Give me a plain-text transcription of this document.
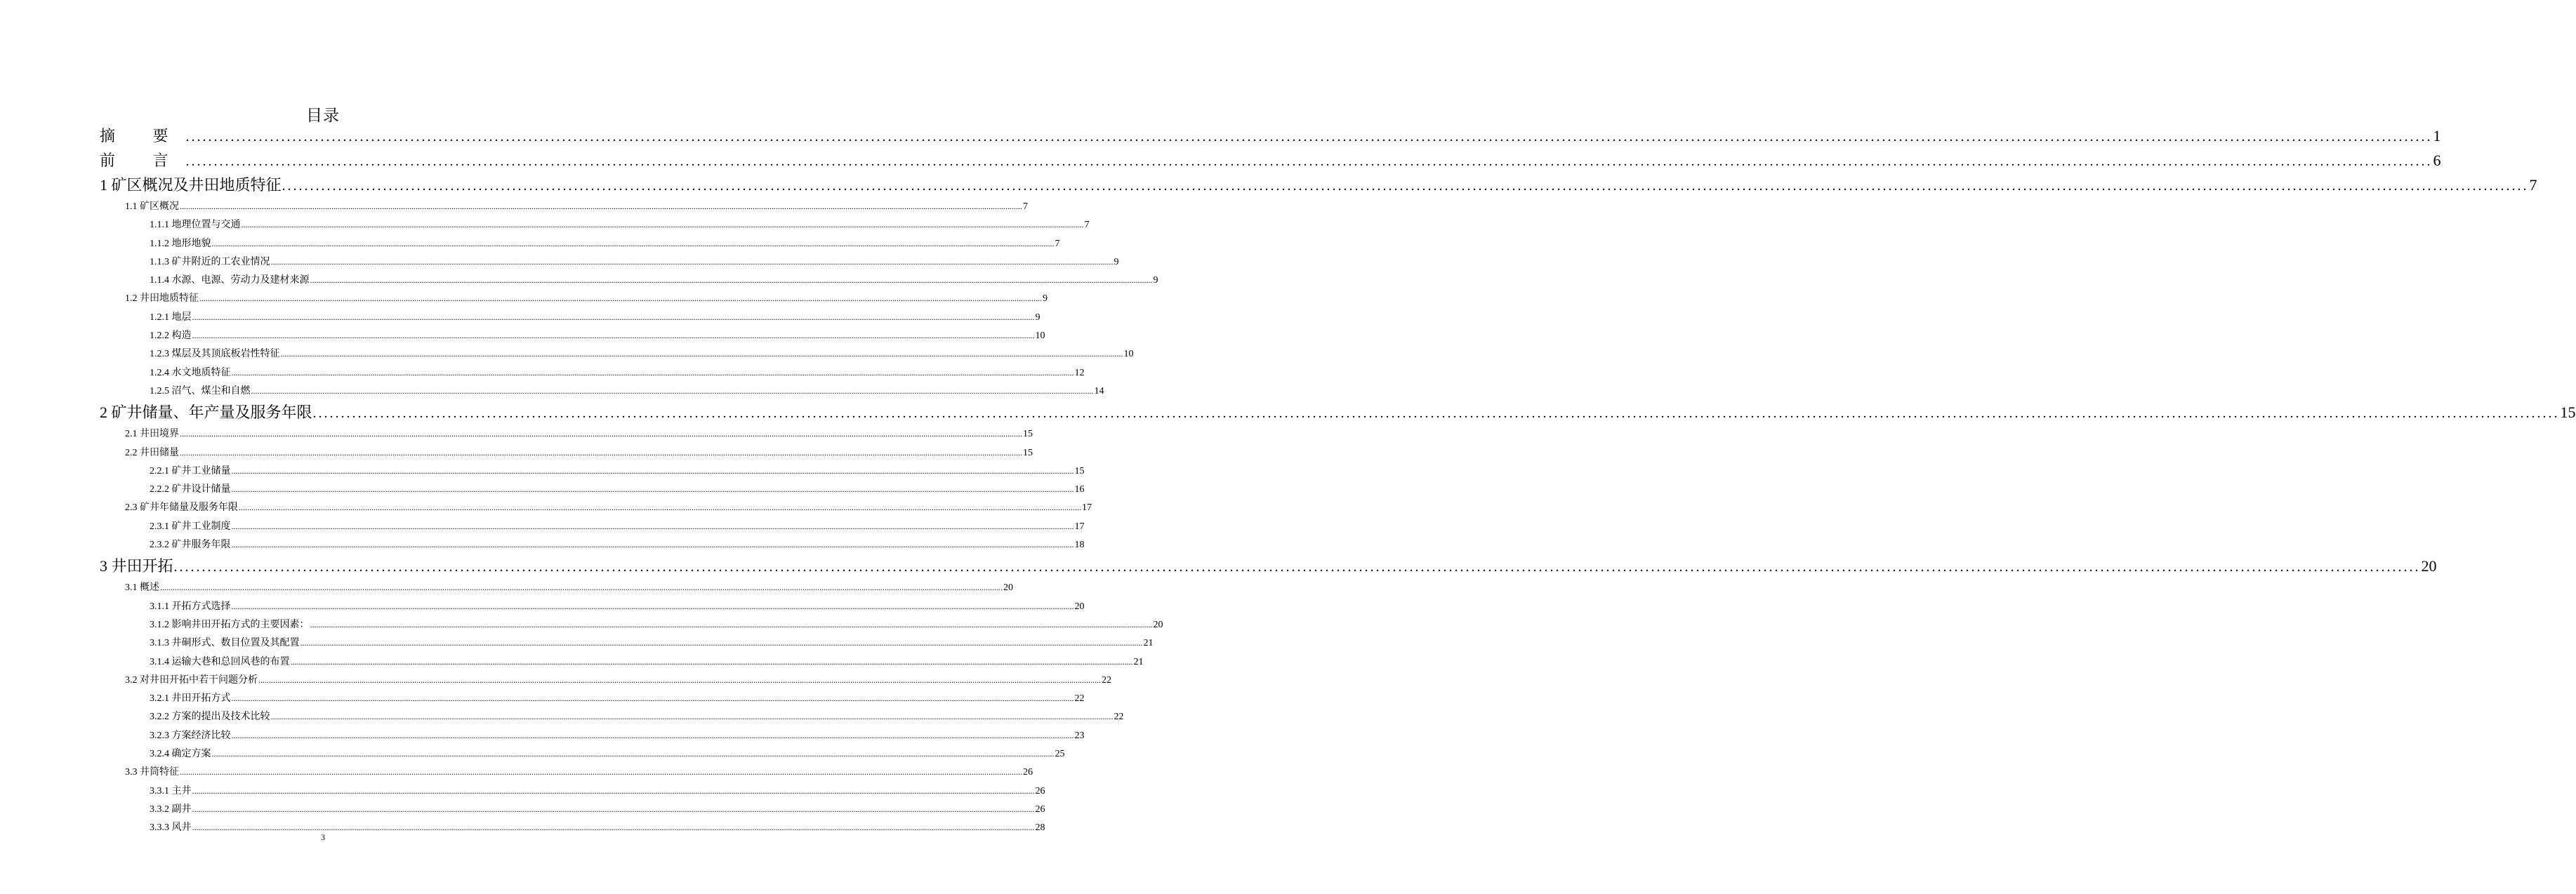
目录
摘 要 ................................................................................................................................................................................................................................................................................................................................................................................................................ 1
前 言 ................................................................................................................................................................................................................................................................................................................................................................................................................ 6
1 矿区概况及井田地质特征 ................................................................................................................................................................................................................................................................................................................................................................................................................ 7
1.1 矿区概况 ................................................................................................................................................................................................................................................................................................................................................................................................................ 7
1.1.1 地理位置与交通 ................................................................................................................................................................................................................................................................................................................................................................................................................ 7
1.1.2 地形地貌 ................................................................................................................................................................................................................................................................................................................................................................................................................ 7
1.1.3 矿井附近的工农业情况 ................................................................................................................................................................................................................................................................................................................................................................................................................ 9
1.1.4 水源、电源、劳动力及建材来源 ................................................................................................................................................................................................................................................................................................................................................................................................................ 9
1.2 井田地质特征 ................................................................................................................................................................................................................................................................................................................................................................................................................ 9
1.2.1 地层 ................................................................................................................................................................................................................................................................................................................................................................................................................ 9
1.2.2 构造 ................................................................................................................................................................................................................................................................................................................................................................................................................ 10
1.2.3 煤层及其顶底板岩性特征 ................................................................................................................................................................................................................................................................................................................................................................................................................ 10
1.2.4 水文地质特征 ................................................................................................................................................................................................................................................................................................................................................................................................................ 12
1.2.5 沼气、煤尘和自燃 ................................................................................................................................................................................................................................................................................................................................................................................................................ 14
2 矿井储量、年产量及服务年限 ................................................................................................................................................................................................................................................................................................................................................................................................................ 15
2.1 井田境界 ................................................................................................................................................................................................................................................................................................................................................................................................................ 15
2.2 井田储量 ................................................................................................................................................................................................................................................................................................................................................................................................................ 15
2.2.1 矿井工业储量 ................................................................................................................................................................................................................................................................................................................................................................................................................ 15
2.2.2 矿井设计储量 ................................................................................................................................................................................................................................................................................................................................................................................................................ 16
2.3 矿井年储量及服务年限 ................................................................................................................................................................................................................................................................................................................................................................................................................ 17
2.3.1 矿井工业制度 ................................................................................................................................................................................................................................................................................................................................................................................................................ 17
2.3.2 矿井服务年限 ................................................................................................................................................................................................................................................................................................................................................................................................................ 18
3 井田开拓 ................................................................................................................................................................................................................................................................................................................................................................................................................ 20
3.1 概述 ................................................................................................................................................................................................................................................................................................................................................................................................................ 20
3.1.1 开拓方式选择 ................................................................................................................................................................................................................................................................................................................................................................................................................ 20
3.1.2 影响井田开拓方式的主要因素： ................................................................................................................................................................................................................................................................................................................................................................................................................ 20
3.1.3 井硐形式、数目位置及其配置 ................................................................................................................................................................................................................................................................................................................................................................................................................ 21
3.1.4 运输大巷和总回风巷的布置 ................................................................................................................................................................................................................................................................................................................................................................................................................ 21
3.2 对井田开拓中若干问题分析 ................................................................................................................................................................................................................................................................................................................................................................................................................ 22
3.2.1 井田开拓方式 ................................................................................................................................................................................................................................................................................................................................................................................................................ 22
3.2.2 方案的提出及技术比较 ................................................................................................................................................................................................................................................................................................................................................................................................................ 22
3.2.3 方案经济比较 ................................................................................................................................................................................................................................................................................................................................................................................................................ 23
3.2.4 确定方案 ................................................................................................................................................................................................................................................................................................................................................................................................................ 25
3.3 井筒特征 ................................................................................................................................................................................................................................................................................................................................................................................................................ 26
3.3.1 主井 ................................................................................................................................................................................................................................................................................................................................................................................................................ 26
3.3.2 副井 ................................................................................................................................................................................................................................................................................................................................................................................................................ 26
3.3.3 风井 ................................................................................................................................................................................................................................................................................................................................................................................................................ 28
3
